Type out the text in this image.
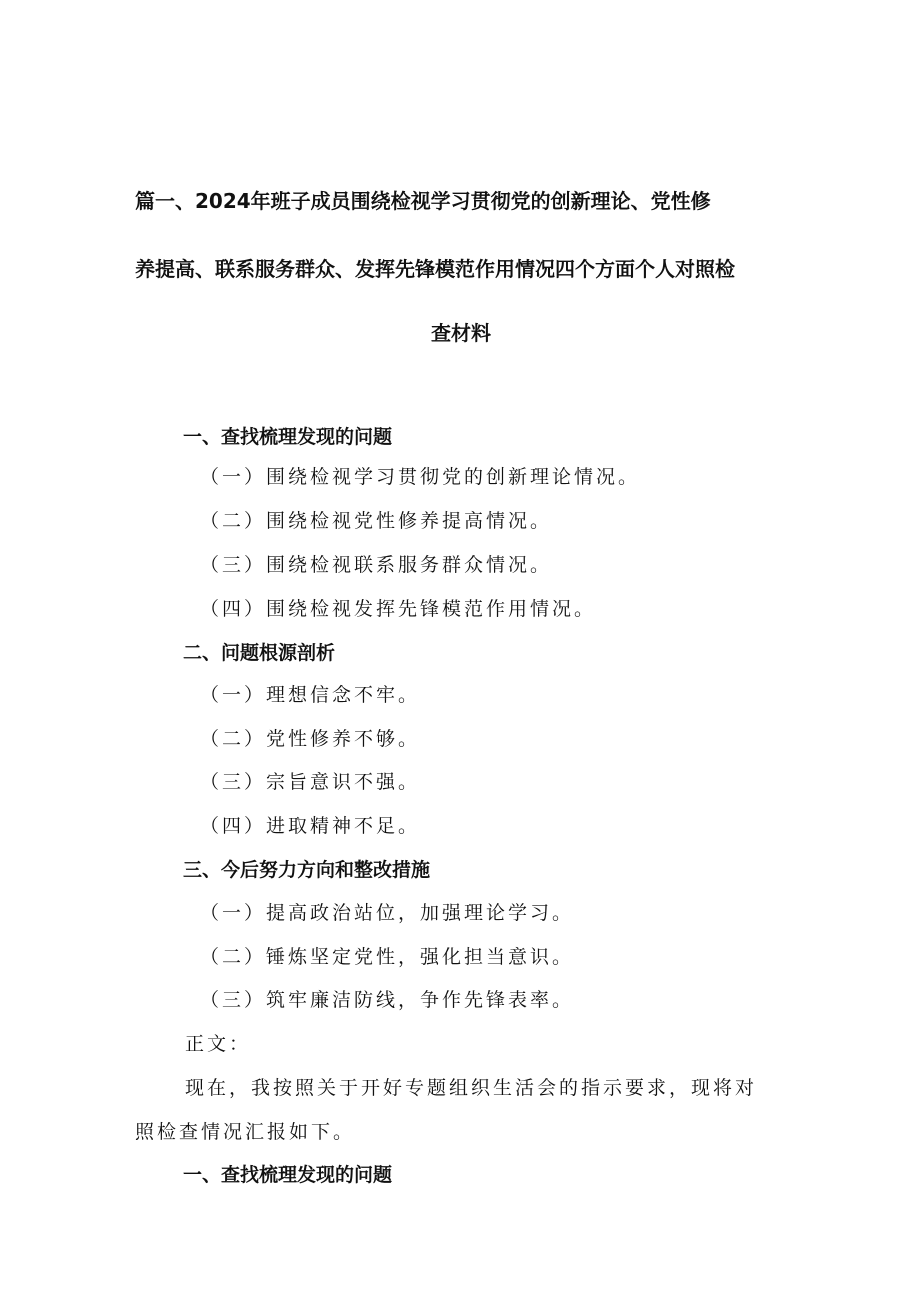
篇一、2024年班子成员围绕检视学习贯彻党的创新理论、党性修
养提高、联系服务群众、发挥先锋模范作用情况四个方面个人对照检
查材料
一、查找梳理发现的问题
（一）围绕检视学习贯彻党的创新理论情况。
（二）围绕检视党性修养提高情况。
（三）围绕检视联系服务群众情况。
（四）围绕检视发挥先锋模范作用情况。
二、问题根源剖析
（一）理想信念不牢。
（二）党性修养不够。
（三）宗旨意识不强。
（四）进取精神不足。
三、今后努力方向和整改措施
（一）提高政治站位，加强理论学习。
（二）锤炼坚定党性，强化担当意识。
（三）筑牢廉洁防线，争作先锋表率。
正文：
现在，我按照关于开好专题组织生活会的指示要求，现将对
照检查情况汇报如下。
一、查找梳理发现的问题
